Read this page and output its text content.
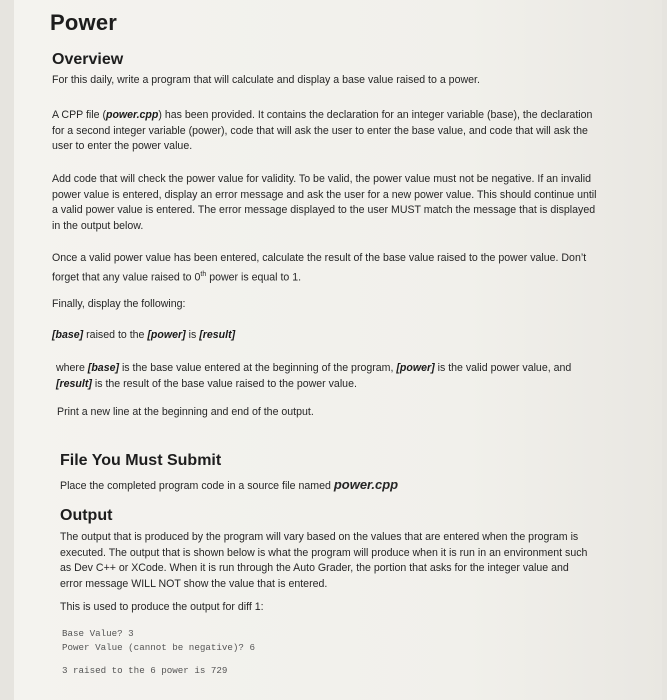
Power
Overview
For this daily, write a program that will calculate and display a base value raised to a power.
A CPP file (power.cpp) has been provided. It contains the declaration for an integer variable (base), the declaration for a second integer variable (power), code that will ask the user to enter the base value, and code that will ask the user to enter the power value.
Add code that will check the power value for validity. To be valid, the power value must not be negative. If an invalid power value is entered, display an error message and ask the user for a new power value. This should continue until a valid power value is entered. The error message displayed to the user MUST match the message that is displayed in the output below.
Once a valid power value has been entered, calculate the result of the base value raised to the power value. Don’t forget that any value raised to 0th power is equal to 1.
Finally, display the following:
[base] raised to the [power] is [result]
where [base] is the base value entered at the beginning of the program, [power] is the valid power value, and [result] is the result of the base value raised to the power value.
Print a new line at the beginning and end of the output.
File You Must Submit
Place the completed program code in a source file named power.cpp
Output
The output that is produced by the program will vary based on the values that are entered when the program is executed. The output that is shown below is what the program will produce when it is run in an environment such as Dev C++ or XCode. When it is run through the Auto Grader, the portion that asks for the integer value and error message WILL NOT show the value that is entered.
This is used to produce the output for diff 1:
Base Value? 3
Power Value (cannot be negative)? 6
3 raised to the 6 power is 729
